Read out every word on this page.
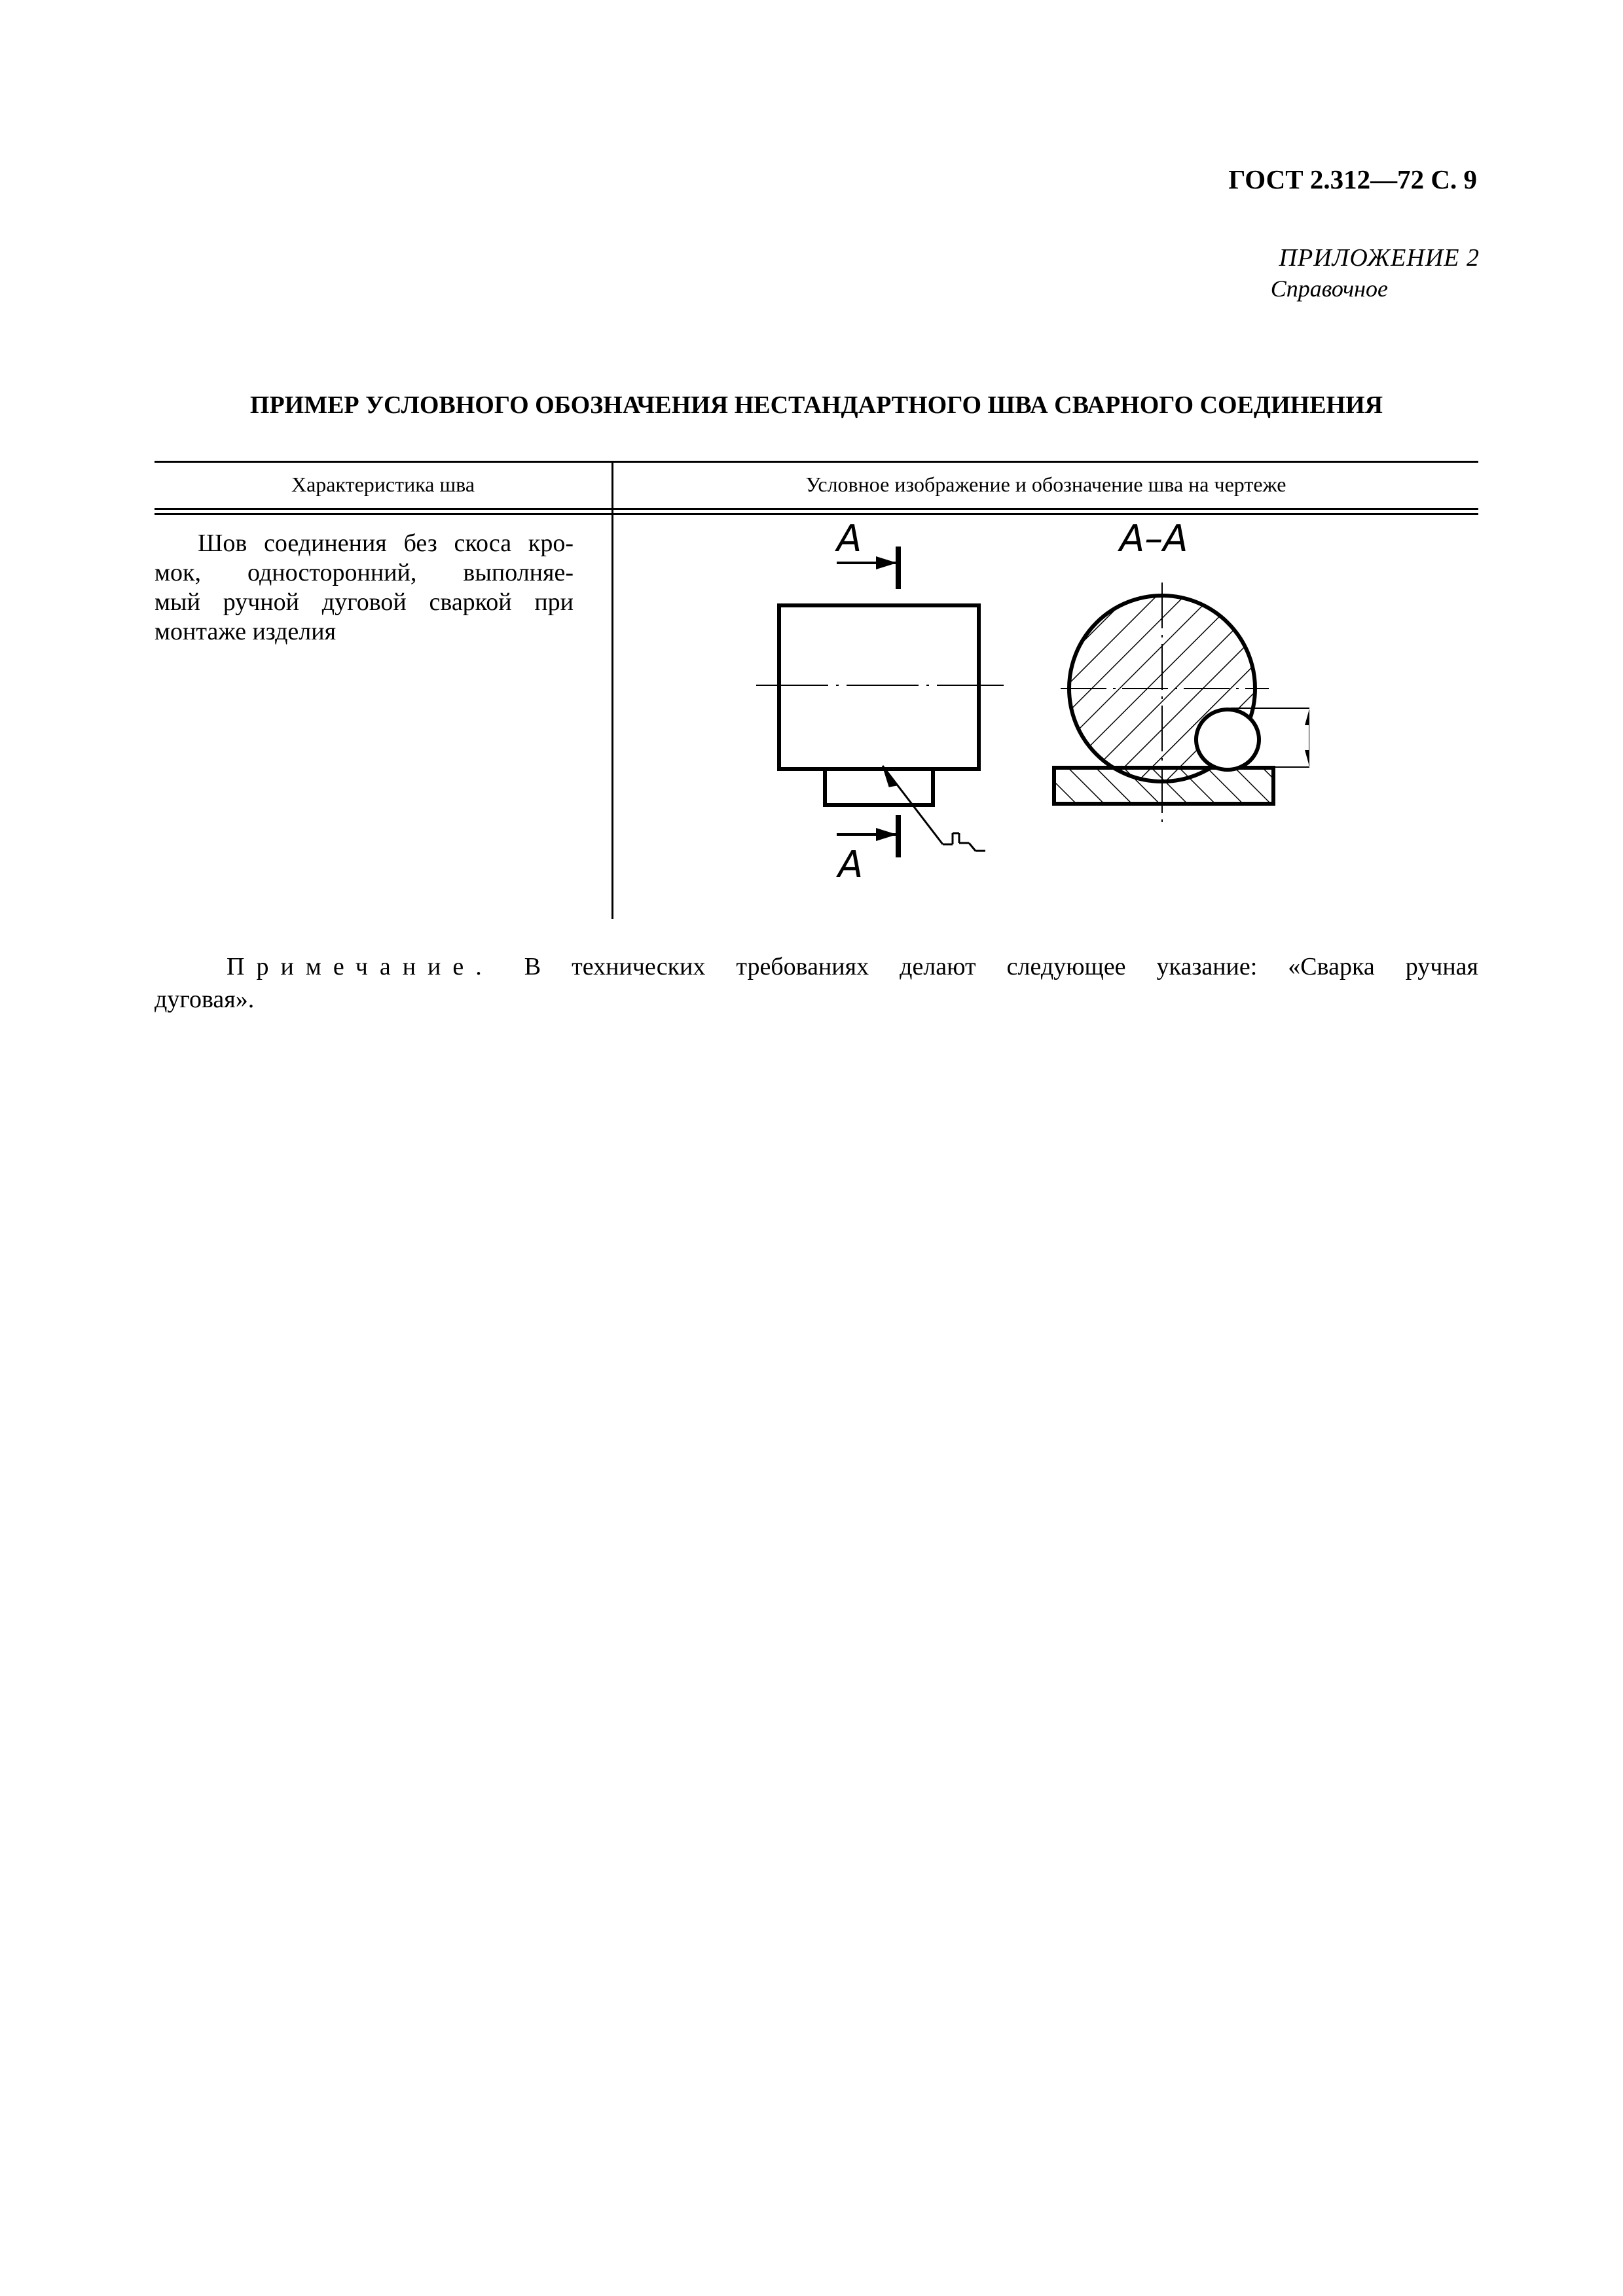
ГОСТ 2.312—72 С. 9
ПРИЛОЖЕНИЕ 2
Справочное
ПРИМЕР УСЛОВНОГО ОБОЗНАЧЕНИЯ НЕСТАНДАРТНОГО ШВА СВАРНОГО СОЕДИНЕНИЯ
Характеристика шва	Условное изображение и обозначение шва на чертеже
Шов соединения без скоса кро-
мок, односторонний, выполняе-
мый ручной дуговой сваркой при
монтаже изделия
А
А
А–А
Примечание. В технических требованиях делают следующее указание: «Сварка ручная
дуговая».
